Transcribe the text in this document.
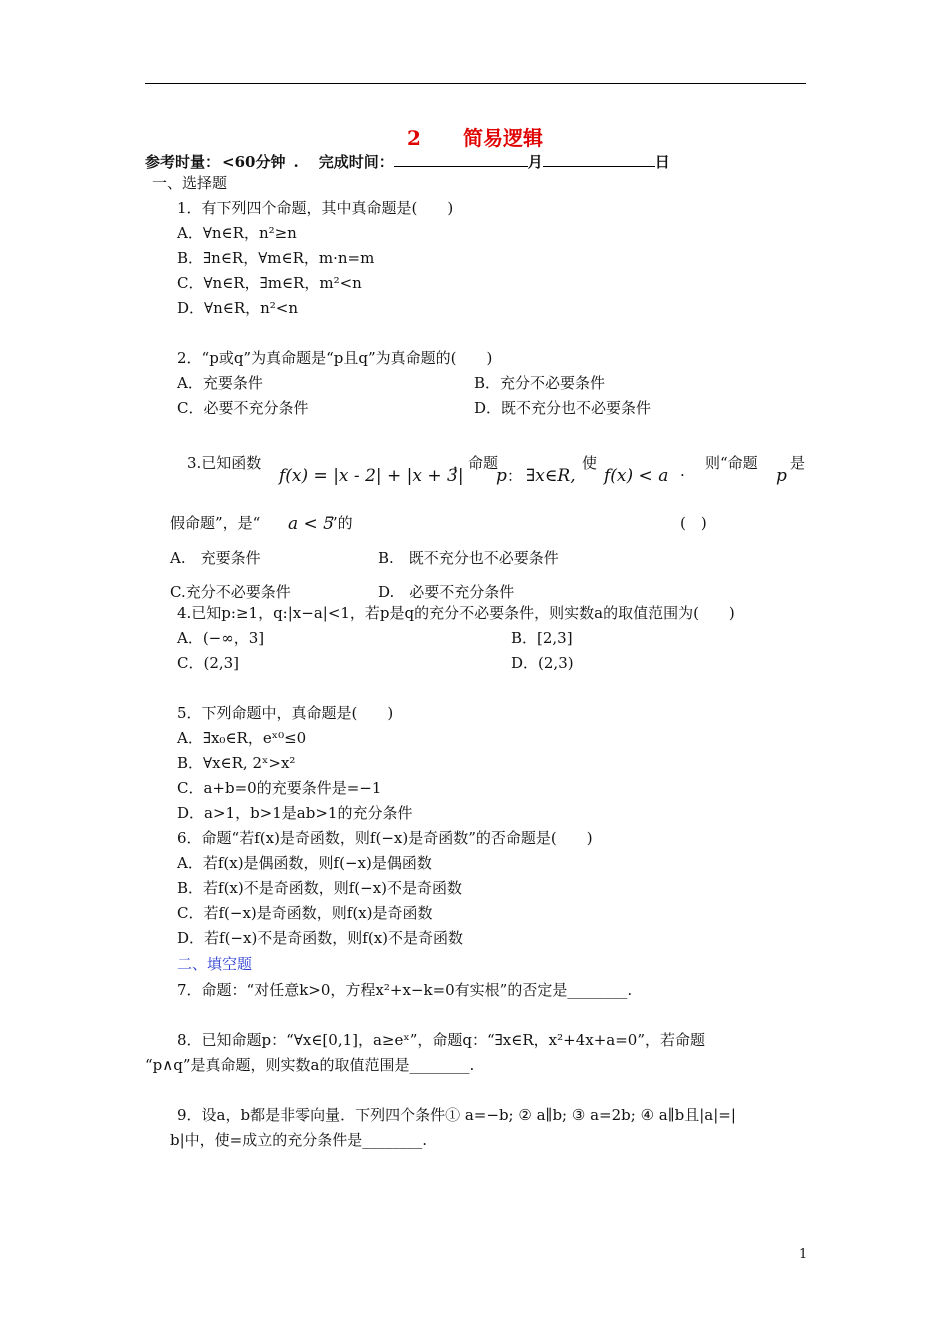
2 简易逻辑
参考时量： <60分钟 . 完成时间：	月	日
一、选择题
1．有下列四个命题，其中真命题是(　　)
A．∀n∈R，n²≥n
B．∃n∈R，∀m∈R，m·n=m
C．∀n∈R，∃m∈R，m²<n
D．∀n∈R，n²<n
2．“p或q”为真命题是“p且q”为真命题的(　　)
A．充要条件	B．充分不必要条件
C．必要不充分条件	D．既不充分也不必要条件
3.已知函数
f(x) = |x - 2| + |x + 3|
，命题
p ： ∃x∈R,
使
f(x) < a . 则“命题
p
是
假命题”，是“ a < 5
”的	(　)
A.　充要条件	B.　既不充分也不必要条件
C.充分不必要条件	D.　必要不充分条件
4.已知p:≥1，q:|x−a|<1，若p是q的充分不必要条件，则实数a的取值范围为(　　)
A．(−∞，3]	B．[2,3]
C．(2,3]	D．(2,3)
5．下列命题中，真命题是(　　)
A．∃x₀∈R，eˣ⁰≤0
B．∀x∈R, 2ˣ>x²
C．a+b=0的充要条件是=−1
D．a>1，b>1是ab>1的充分条件
6．命题“若f(x)是奇函数，则f(−x)是奇函数”的否命题是(　　)
A．若f(x)是偶函数，则f(−x)是偶函数
B．若f(x)不是奇函数，则f(−x)不是奇函数
C．若f(−x)是奇函数，则f(x)是奇函数
D．若f(−x)不是奇函数，则f(x)不是奇函数
二、填空题
7．命题：“对任意k>0，方程x²+x−k=0有实根”的否定是________.
8．已知命题p：“∀x∈[0,1]，a≥eˣ”，命题q：“∃x∈R，x²+4x+a=0”，若命题
“p∧q”是真命题，则实数a的取值范围是________.
9．设a，b都是非零向量．下列四个条件① a=−b; ② a∥b; ③ a=2b; ④ a∥b且|a|=|
b|中，使=成立的充分条件是________.
1
